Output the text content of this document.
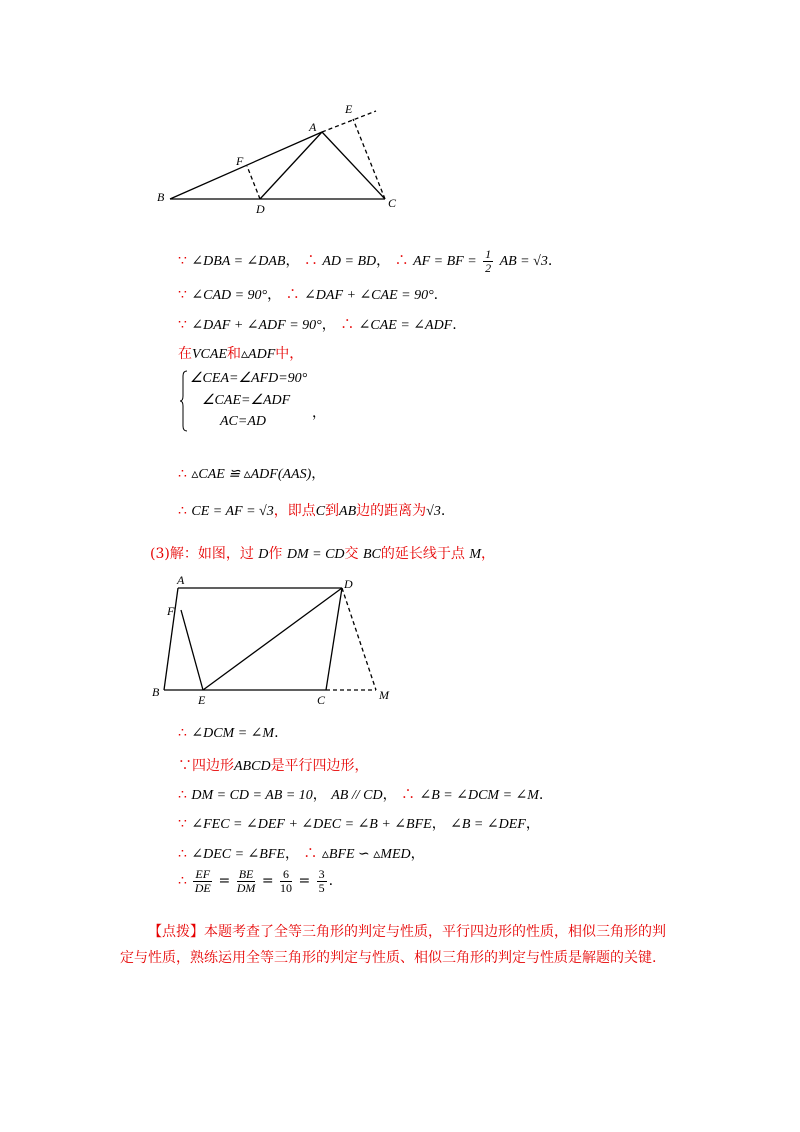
A
B	C
D
E
F
∵ ∠DBA = ∠DAB， ∴ AD = BD， ∴ AF = BF = $\frac{1}{2}$ AB = √3.
∵ ∠CAD = 90°， ∴ ∠DAF + ∠CAE = 90°.
∵ ∠DAF + ∠ADF = 90°， ∴ ∠CAE = ∠ADF.
在VCAE和▵ADF中，
∠CEA=∠AFD=90°
∠CAE=∠ADF
AC=AD
，
∴ ▵CAE ≌ ▵ADF(AAS)，
∴ CE = AF = √3，即点C到AB边的距离为√3.
(3)解：如图，过 D作 DM = CD交 BC的延长线于点 M，
A
B
C
D
E
F
M
∴ ∠DCM = ∠M.
∵四边形ABCD是平行四边形，
∴ DM = CD = AB = 10， AB // CD， ∴ ∠B = ∠DCM = ∠M.
∵ ∠FEC = ∠DEF + ∠DEC = ∠B + ∠BFE， ∠B = ∠DEF，
∴ ∠DEC = ∠BFE， ∴ ▵BFE ∽ ▵MED，
∴ $\frac{EF}{DE} = \frac{BE}{DM} = \frac{6}{10} = \frac{3}{5}$ .
【点拨】本题考查了全等三角形的判定与性质，平行四边形的性质，相似三角形的判
定与性质，熟练运用全等三角形的判定与性质、相似三角形的判定与性质是解题的关键.
